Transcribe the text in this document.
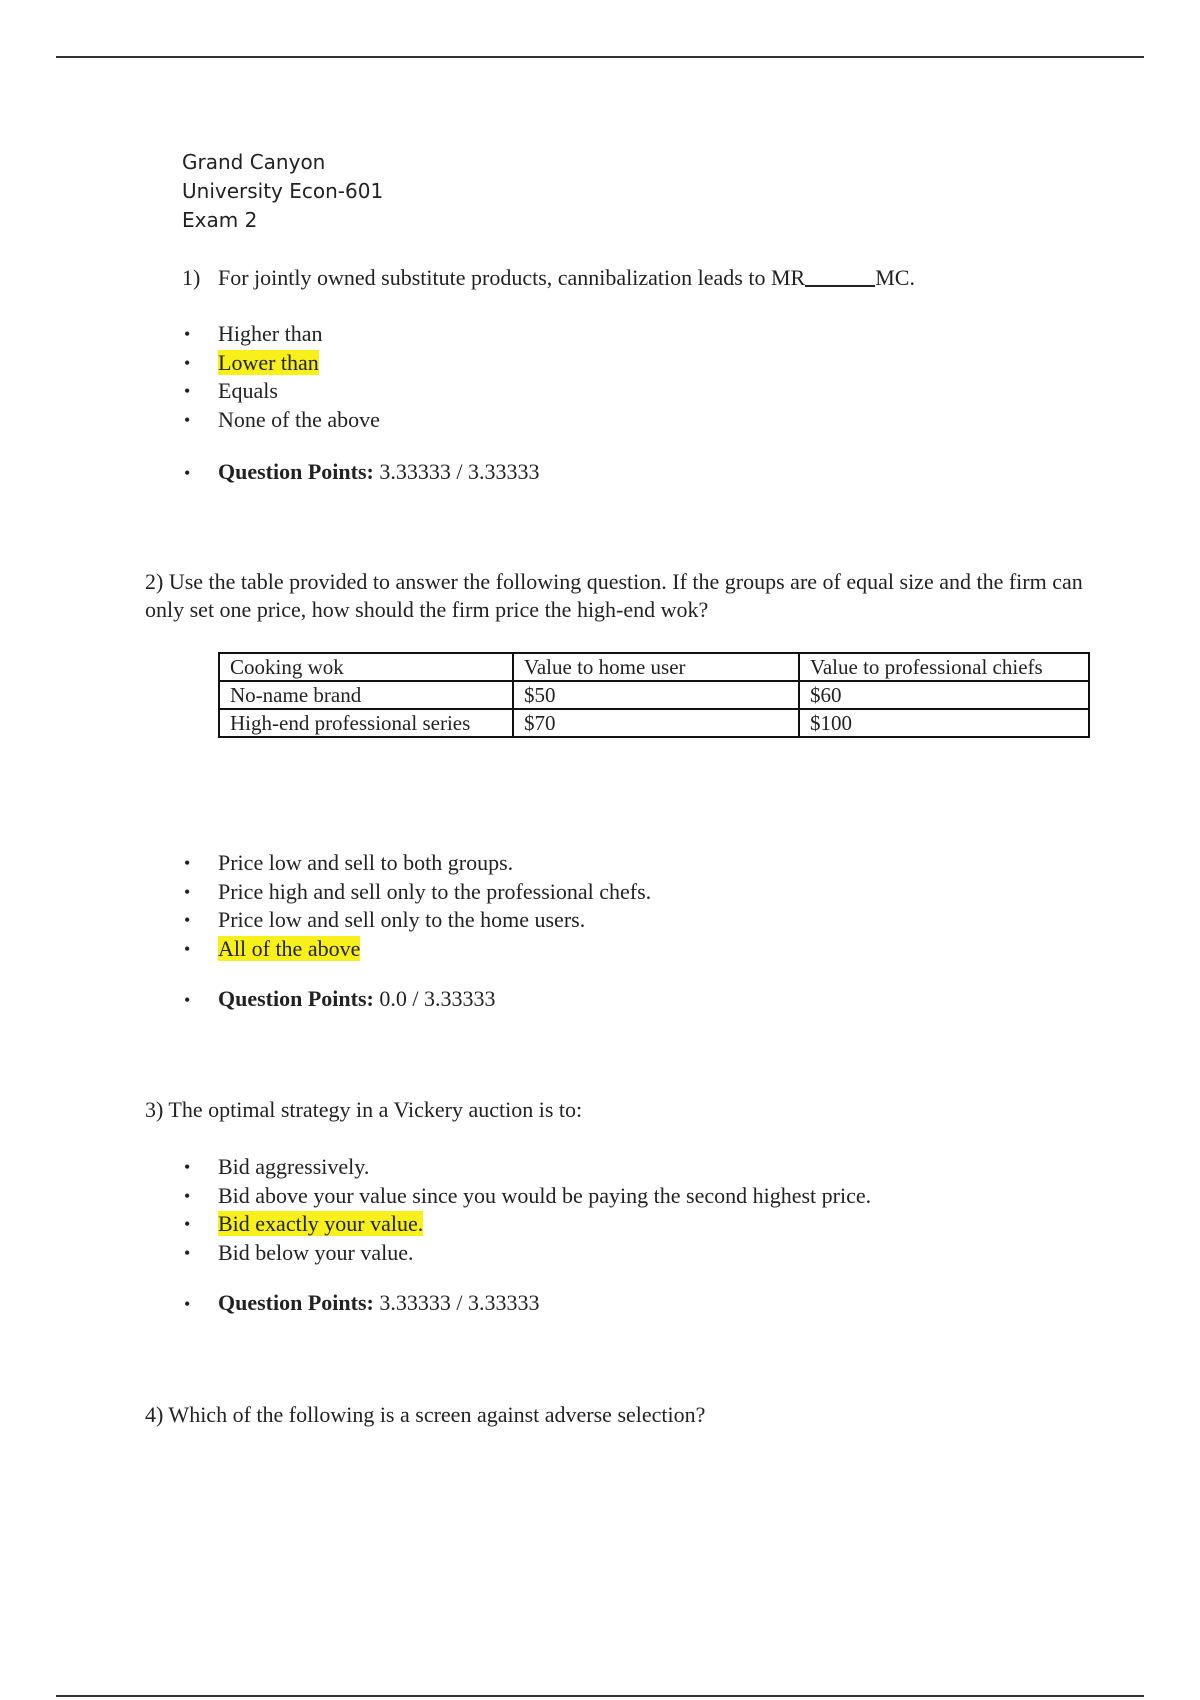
Grand Canyon
University Econ-601
Exam 2
1) For jointly owned substitute products, cannibalization leads to MR	MC.
• Higher than
• Lower than
• Equals
• None of the above
• Question Points: 3.33333 / 3.33333
2) Use the table provided to answer the following question. If the groups are of equal size and the firm can only set one price, how should the firm price the high-end wok?
Cooking wok	Value to home user	Value to professional chiefs
No-name brand	$50	$60
High-end professional series	$70	$100
• Price low and sell to both groups.
• Price high and sell only to the professional chefs.
• Price low and sell only to the home users.
• All of the above
• Question Points: 0.0 / 3.33333
3) The optimal strategy in a Vickery auction is to:
• Bid aggressively.
• Bid above your value since you would be paying the second highest price.
• Bid exactly your value.
• Bid below your value.
• Question Points: 3.33333 / 3.33333
4) Which of the following is a screen against adverse selection?
